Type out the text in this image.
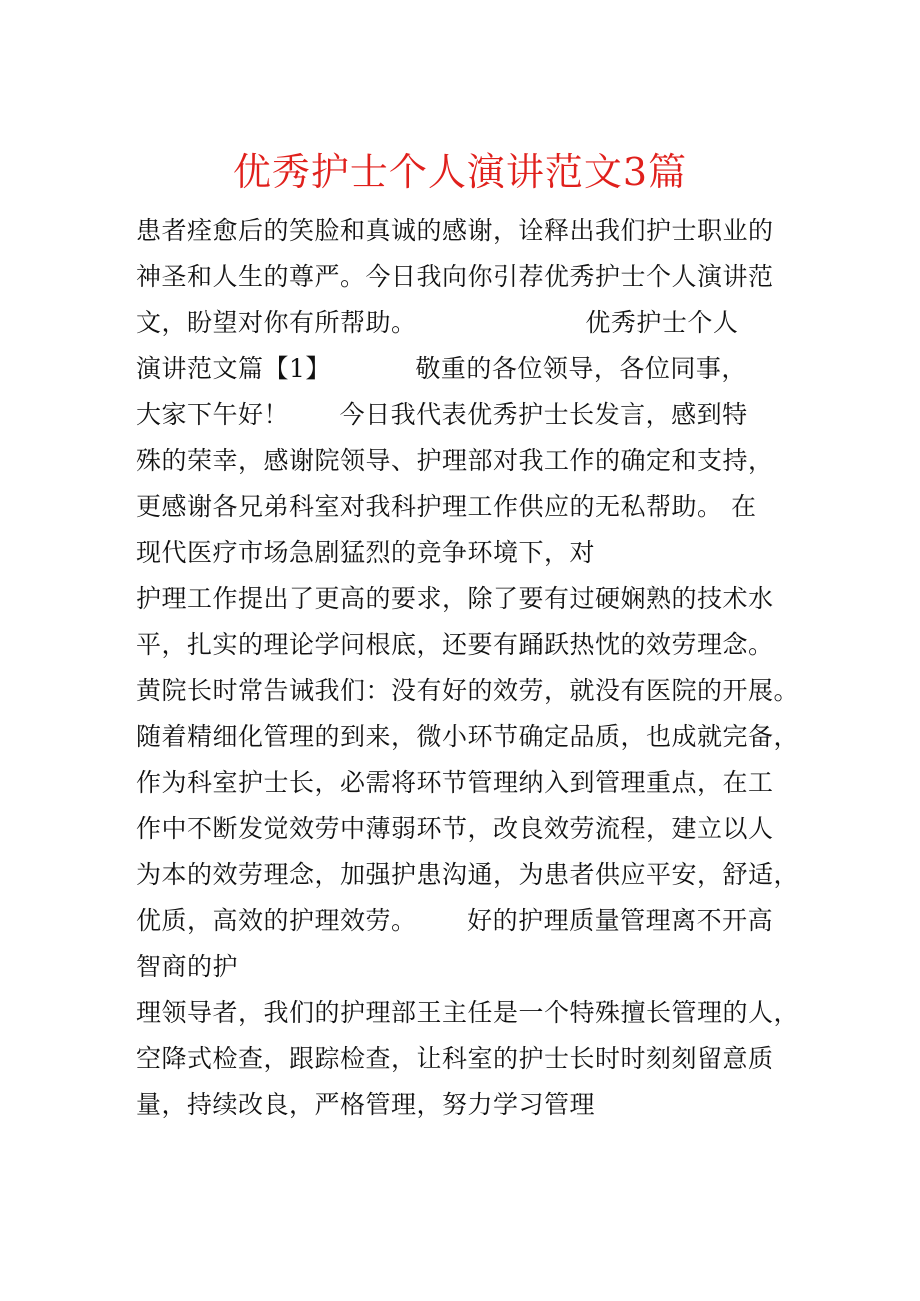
优秀护士个人演讲范文3篇
患者痊愈后的笑脸和真诚的感谢，诠释出我们护士职业的
神圣和人生的尊严。今日我向你引荐优秀护士个人演讲范
文，盼望对你有所帮助。                    优秀护士个人
演讲范文篇【1】          敬重的各位领导，各位同事，
大家下午好！      今日我代表优秀护士长发言，感到特
殊的荣幸，感谢院领导、护理部对我工作的确定和支持，
更感谢各兄弟科室对我科护理工作供应的无私帮助。 在
现代医疗市场急剧猛烈的竞争环境下，对
护理工作提出了更高的要求，除了要有过硬娴熟的技术水
平，扎实的理论学问根底，还要有踊跃热忱的效劳理念。
黄院长时常告诫我们：没有好的效劳，就没有医院的开展。
随着精细化管理的到来，微小环节确定品质，也成就完备，
作为科室护士长，必需将环节管理纳入到管理重点，在工
作中不断发觉效劳中薄弱环节，改良效劳流程，建立以人
为本的效劳理念，加强护患沟通，为患者供应平安，舒适，
优质，高效的护理效劳。      好的护理质量管理离不开高
智商的护
理领导者，我们的护理部王主任是一个特殊擅长管理的人，
空降式检查，跟踪检查，让科室的护士长时时刻刻留意质
量，持续改良，严格管理，努力学习管理
